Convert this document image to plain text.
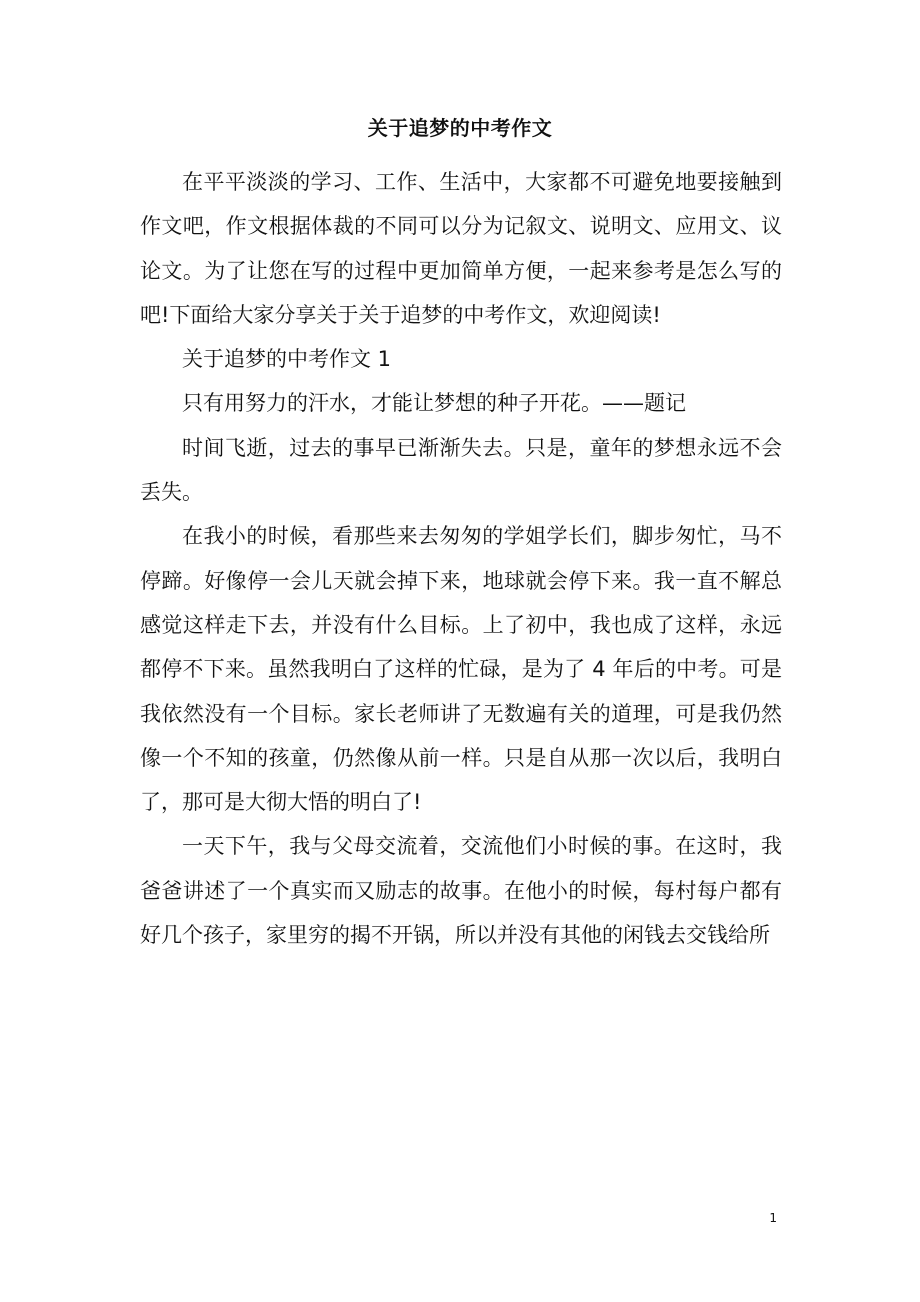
关于追梦的中考作文

在平平淡淡的学习、工作、生活中，大家都不可避免地要接触到作文吧，作文根据体裁的不同可以分为记叙文、说明文、应用文、议论文。为了让您在写的过程中更加简单方便，一起来参考是怎么写的吧!下面给大家分享关于关于追梦的中考作文，欢迎阅读!

关于追梦的中考作文 1

只有用努力的汗水，才能让梦想的种子开花。——题记

时间飞逝，过去的事早已渐渐失去。只是，童年的梦想永远不会丢失。

在我小的时候，看那些来去匆匆的学姐学长们，脚步匆忙，马不停蹄。好像停一会儿天就会掉下来，地球就会停下来。我一直不解总感觉这样走下去，并没有什么目标。上了初中，我也成了这样，永远都停不下来。虽然我明白了这样的忙碌，是为了 4 年后的中考。可是我依然没有一个目标。家长老师讲了无数遍有关的道理，可是我仍然像一个不知的孩童，仍然像从前一样。只是自从那一次以后，我明白了，那可是大彻大悟的明白了!

一天下午，我与父母交流着，交流他们小时候的事。在这时，我爸爸讲述了一个真实而又励志的故事。在他小的时候，每村每户都有好几个孩子，家里穷的揭不开锅，所以并没有其他的闲钱去交钱给所

1
